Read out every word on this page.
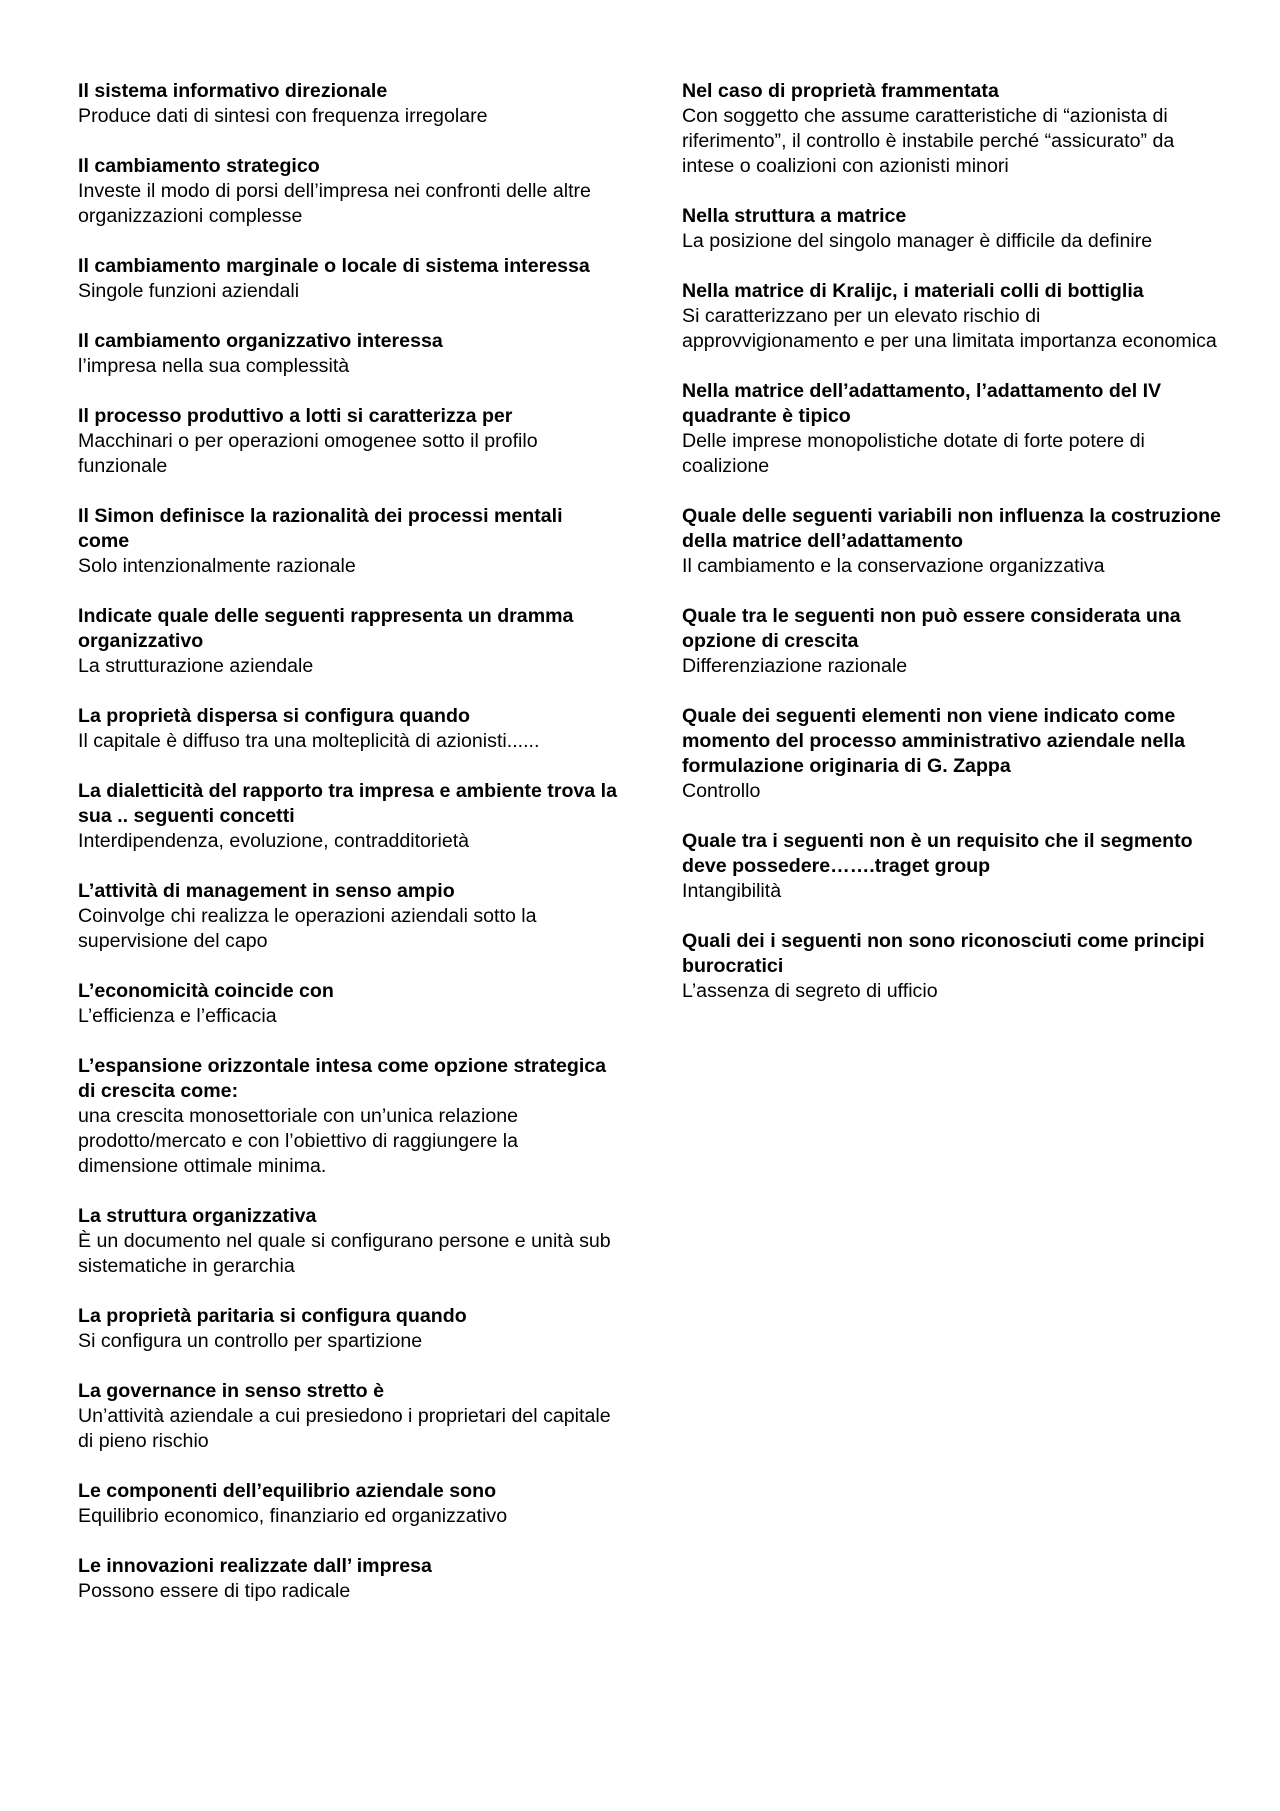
Il sistema informativo direzionale

Produce dati di sintesi con frequenza irregolare

Il cambiamento strategico

Investe il modo di porsi dell’impresa nei confronti delle altre organizzazioni complesse

Il cambiamento marginale o locale di sistema interessa

Singole funzioni aziendali

Il cambiamento organizzativo interessa

l’impresa nella sua complessità

Il processo produttivo a lotti si caratterizza per

Macchinari o per operazioni omogenee sotto il profilo funzionale

Il Simon definisce la razionalità dei processi mentali come

Solo intenzionalmente razionale

Indicate quale delle seguenti rappresenta un dramma organizzativo

La strutturazione aziendale

La proprietà dispersa si configura quando

Il capitale è diffuso tra una molteplicità di azionisti......

La dialetticità del rapporto tra impresa e ambiente trova la sua .. seguenti concetti

Interdipendenza, evoluzione, contradditorietà

L’attività di management in senso ampio

Coinvolge chi realizza le operazioni aziendali sotto la supervisione del capo

L’economicità coincide con

L’efficienza e l’efficacia

L’espansione orizzontale intesa come opzione strategica di crescita come:

una crescita monosettoriale con un’unica relazione prodotto/mercato e con l’obiettivo di raggiungere la dimensione ottimale minima.

La struttura organizzativa

È un documento nel quale si configurano persone e unità sub sistematiche in gerarchia

La proprietà paritaria si configura quando

Si configura un controllo per spartizione

La governance in senso stretto è

Un’attività aziendale a cui presiedono i proprietari del capitale di pieno rischio

Le componenti dell’equilibrio aziendale sono

Equilibrio economico, finanziario ed organizzativo

Le innovazioni realizzate dall’ impresa

Possono essere di tipo radicale

Nel caso di proprietà frammentata

Con soggetto che assume caratteristiche di “azionista di riferimento”, il controllo è instabile perché “assicurato” da intese o coalizioni con azionisti minori

Nella struttura a matrice

La posizione del singolo manager è difficile da definire

Nella matrice di Kralijc, i materiali colli di bottiglia

Si caratterizzano per un elevato rischio di approvvigionamento e per una limitata importanza economica

Nella matrice dell’adattamento, l’adattamento del IV quadrante è tipico

Delle imprese monopolistiche dotate di forte potere di coalizione

Quale delle seguenti variabili non influenza la costruzione della matrice dell’adattamento

Il cambiamento e la conservazione organizzativa

Quale tra le seguenti non può essere considerata una opzione di crescita

Differenziazione razionale

Quale dei seguenti elementi non viene indicato come momento del processo amministrativo aziendale nella formulazione originaria di G. Zappa

Controllo

Quale tra i seguenti non è un requisito che il segmento deve possedere…….traget group

Intangibilità

Quali dei i seguenti non sono riconosciuti come principi burocratici

L’assenza di segreto di ufficio
